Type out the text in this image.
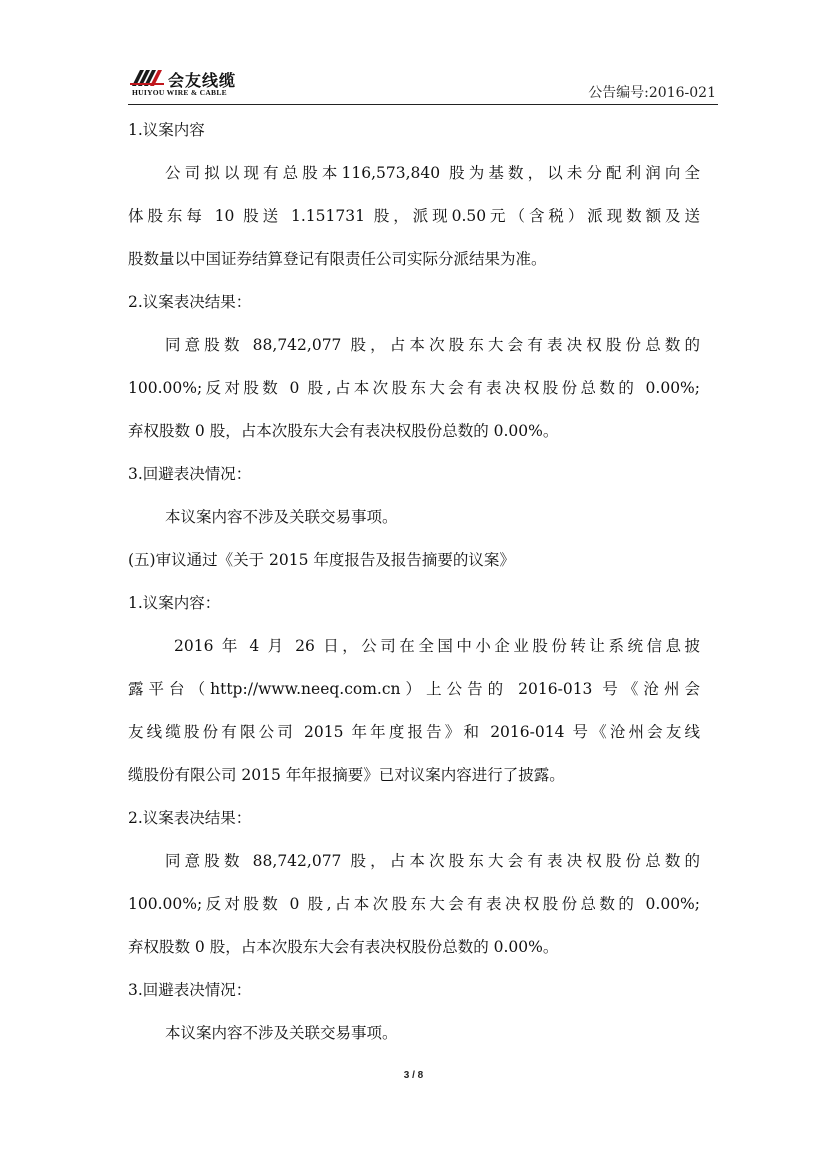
会友线缆
HUIYOU WIRE & CABLE	公告编号:2016-021
1.议案内容
公司拟以现有总股本116,573,840 股为基数，以未分配利润向全
体股东每 10 股送 1.151731 股，派现0.50元（含税）派现数额及送
股数量以中国证券结算登记有限责任公司实际分派结果为准。
2.议案表决结果：
同意股数 88,742,077 股，占本次股东大会有表决权股份总数的
100.00%;反对股数 0 股,占本次股东大会有表决权股份总数的 0.00%;
弃权股数 0 股，占本次股东大会有表决权股份总数的 0.00%。
3.回避表决情况：
本议案内容不涉及关联交易事项。
(五)审议通过《关于 2015 年度报告及报告摘要的议案》
1.议案内容：
2016 年 4 月 26 日，公司在全国中小企业股份转让系统信息披
露平台（http://www.neeq.com.cn）上公告的 2016-013 号《沧州会
友线缆股份有限公司 2015 年年度报告》和 2016-014 号《沧州会友线
缆股份有限公司 2015 年年报摘要》已对议案内容进行了披露。
2.议案表决结果：
同意股数 88,742,077 股，占本次股东大会有表决权股份总数的
100.00%;反对股数 0 股,占本次股东大会有表决权股份总数的 0.00%;
弃权股数 0 股，占本次股东大会有表决权股份总数的 0.00%。
3.回避表决情况：
本议案内容不涉及关联交易事项。
3 / 8
